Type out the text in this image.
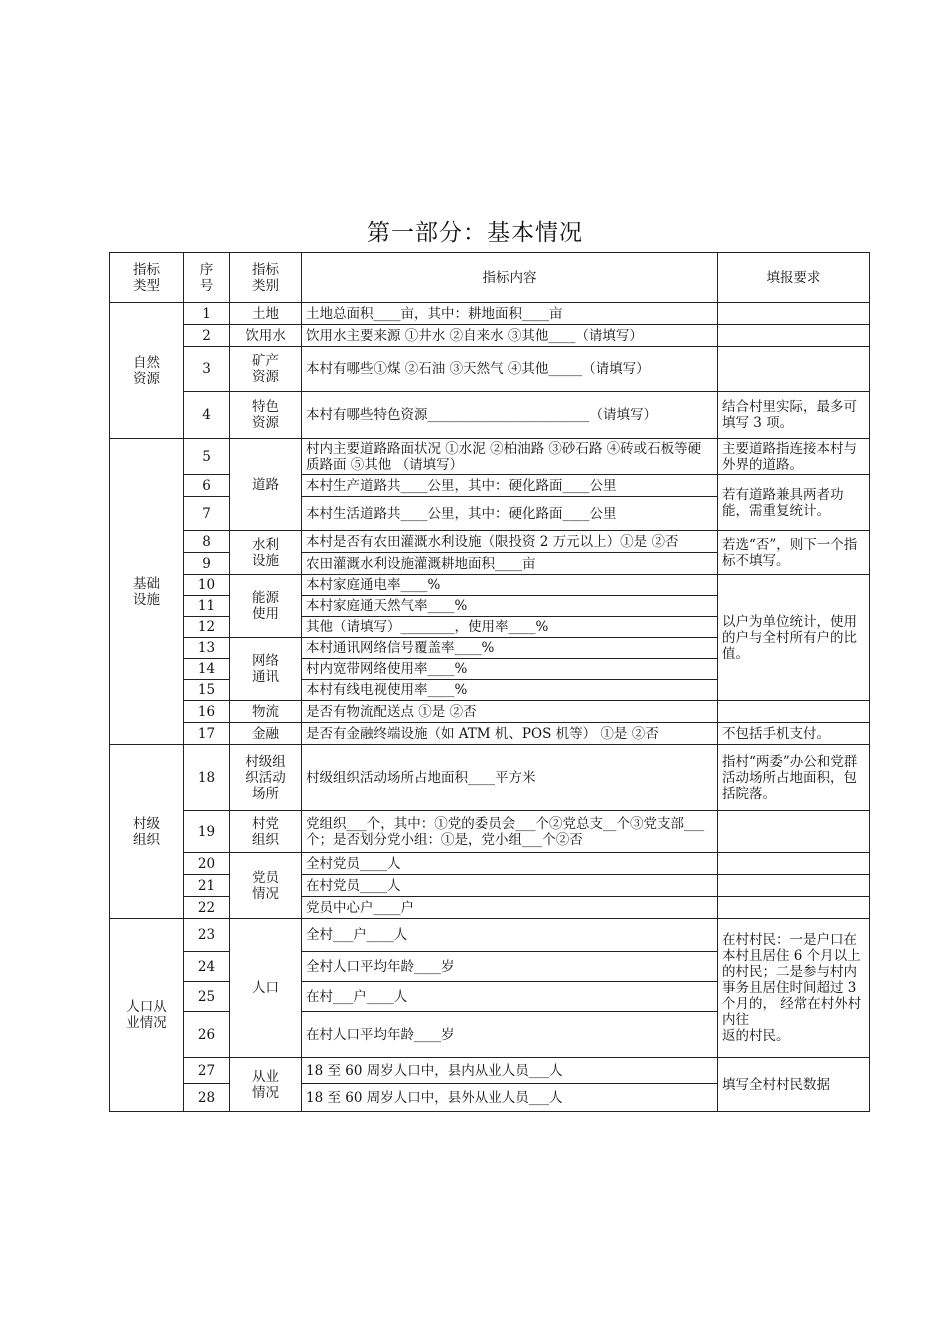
第一部分：基本情况
指标
类型	序
号	指标
类别	指标内容	填报要求
自然
资源	1	土地	土地总面积____亩，其中：耕地面积____亩	
	2	饮用水	饮用水主要来源 ①井水 ②自来水 ③其他____（请填写）	
	3	矿产
资源	本村有哪些①煤 ②石油 ③天然气 ④其他_____（请填写）	
	4	特色
资源	本村有哪些特色资源________________________（请填写）	结合村里实际，最多可填写 3 项。
基础
设施	5	道路	村内主要道路路面状况 ①水泥 ②柏油路 ③砂石路 ④砖或石板等硬质路面 ⑤其他 （请填写）	主要道路指连接本村与外界的道路。
	6		本村生产道路共____公里，其中：硬化路面____公里	若有道路兼具两者功能，需重复统计。
	7		本村生活道路共____公里，其中：硬化路面____公里	
	8	水利
设施	本村是否有农田灌溉水利设施（限投资 2 万元以上）①是 ②否	若选“否”，则下一个指标不填写。
	9		农田灌溉水利设施灌溉耕地面积____亩	
	10	能源
使用	本村家庭通电率____%	以户为单位统计，使用的户与全村所有户的比值。
	11		本村家庭通天然气率____%	
	12		其他（请填写）________，使用率____%	
	13	网络
通讯	本村通讯网络信号覆盖率____%	
	14		村内宽带网络使用率____%	
	15		本村有线电视使用率____%	
	16	物流	是否有物流配送点 ①是 ②否	
	17	金融	是否有金融终端设施（如 ATM 机、POS 机等） ①是 ②否	不包括手机支付。
村级
组织	18	村级组
织活动
场所	村级组织活动场所占地面积____平方米	指村“两委”办公和党群活动场所占地面积，包括院落。
	19	村党
组织	党组织___个，其中：①党的委员会___个②党总支__个③党支部___个；是否划分党小组：①是，党小组___个②否	
	20	党员
情况	全村党员____人	
	21		在村党员____人	
	22		党员中心户____户	
人口从
业情况	23	人口	全村___户____人	在村村民：一是户口在本村且居住 6 个月以上的村民；二是参与村内事务且居住时间超过 3 个月的， 经常在村外村内往
返的村民。
	24		全村人口平均年龄____岁	
	25		在村___户____人	
	26		在村人口平均年龄____岁	
	27	从业
情况	18 至 60 周岁人口中，县内从业人员___人	填写全村村民数据
	28		18 至 60 周岁人口中，县外从业人员___人	
